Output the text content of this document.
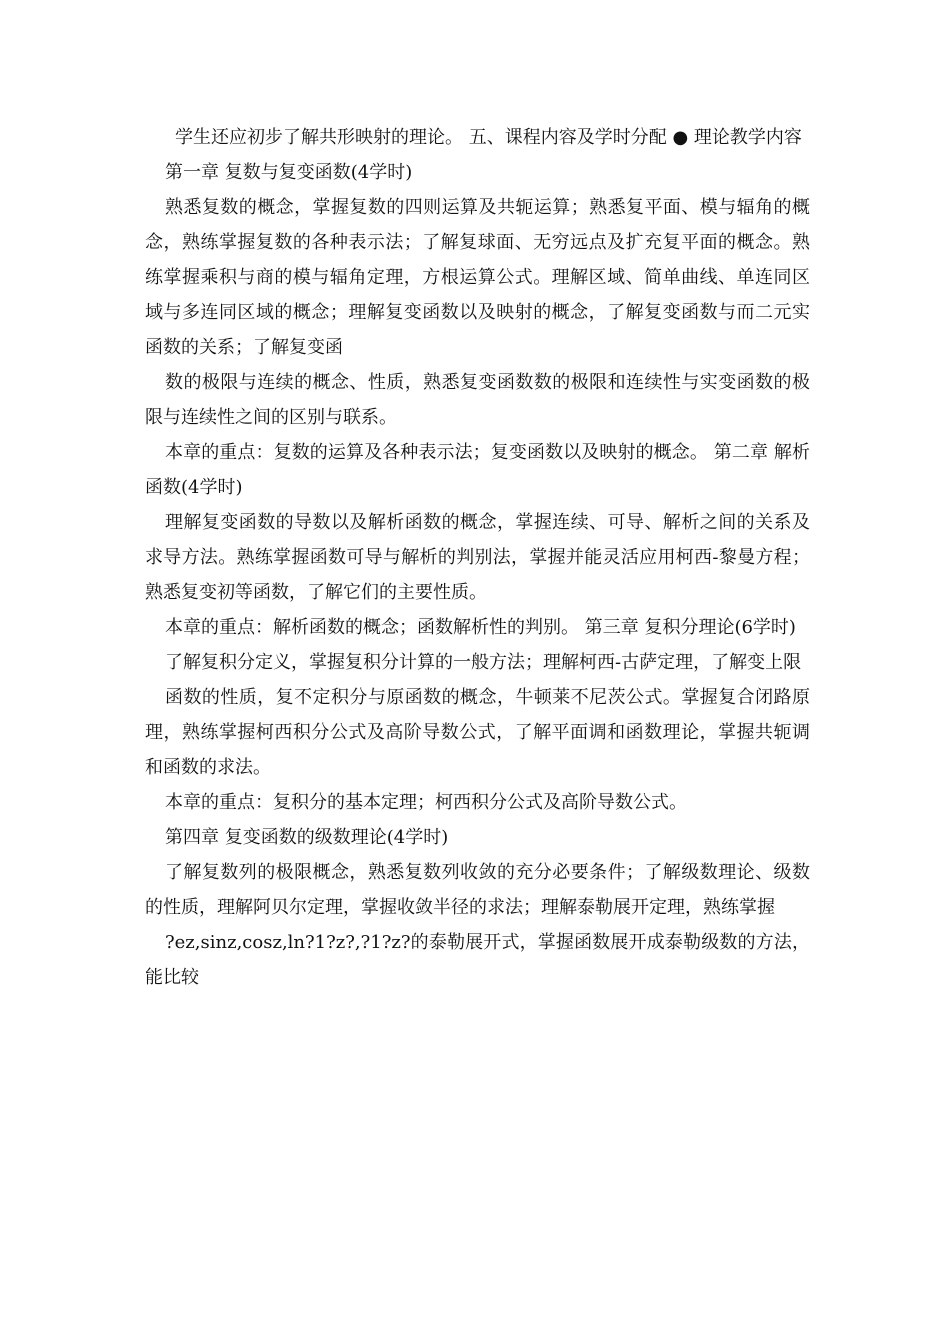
学生还应初步了解共形映射的理论。 五、课程内容及学时分配 ● 理论教学内容

第一章 复数与复变函数(4学时)

熟悉复数的概念，掌握复数的四则运算及共轭运算；熟悉复平面、模与辐角的概念，熟练掌握复数的各种表示法；了解复球面、无穷远点及扩充复平面的概念。熟练掌握乘积与商的模与辐角定理，方根运算公式。理解区域、简单曲线、单连同区域与多连同区域的概念；理解复变函数以及映射的概念，了解复变函数与而二元实函数的关系；了解复变函

数的极限与连续的概念、性质，熟悉复变函数数的极限和连续性与实变函数的极限与连续性之间的区别与联系。

本章的重点：复数的运算及各种表示法；复变函数以及映射的概念。 第二章 解析函数(4学时)

理解复变函数的导数以及解析函数的概念，掌握连续、可导、解析之间的关系及求导方法。熟练掌握函数可导与解析的判别法，掌握并能灵活应用柯西-黎曼方程；熟悉复变初等函数，了解它们的主要性质。

本章的重点：解析函数的概念；函数解析性的判别。 第三章 复积分理论(6学时)

了解复积分定义，掌握复积分计算的一般方法；理解柯西-古萨定理，了解变上限

函数的性质，复不定积分与原函数的概念，牛顿莱不尼茨公式。掌握复合闭路原理，熟练掌握柯西积分公式及高阶导数公式，了解平面调和函数理论，掌握共轭调和函数的求法。

本章的重点：复积分的基本定理；柯西积分公式及高阶导数公式。

第四章 复变函数的级数理论(4学时)

了解复数列的极限概念，熟悉复数列收敛的充分必要条件；了解级数理论、级数的性质，理解阿贝尔定理，掌握收敛半径的求法；理解泰勒展开定理，熟练掌握

?ez,sinz,cosz,ln?1?z?,?1?z?的泰勒展开式，掌握函数展开成泰勒级数的方法，能比较
